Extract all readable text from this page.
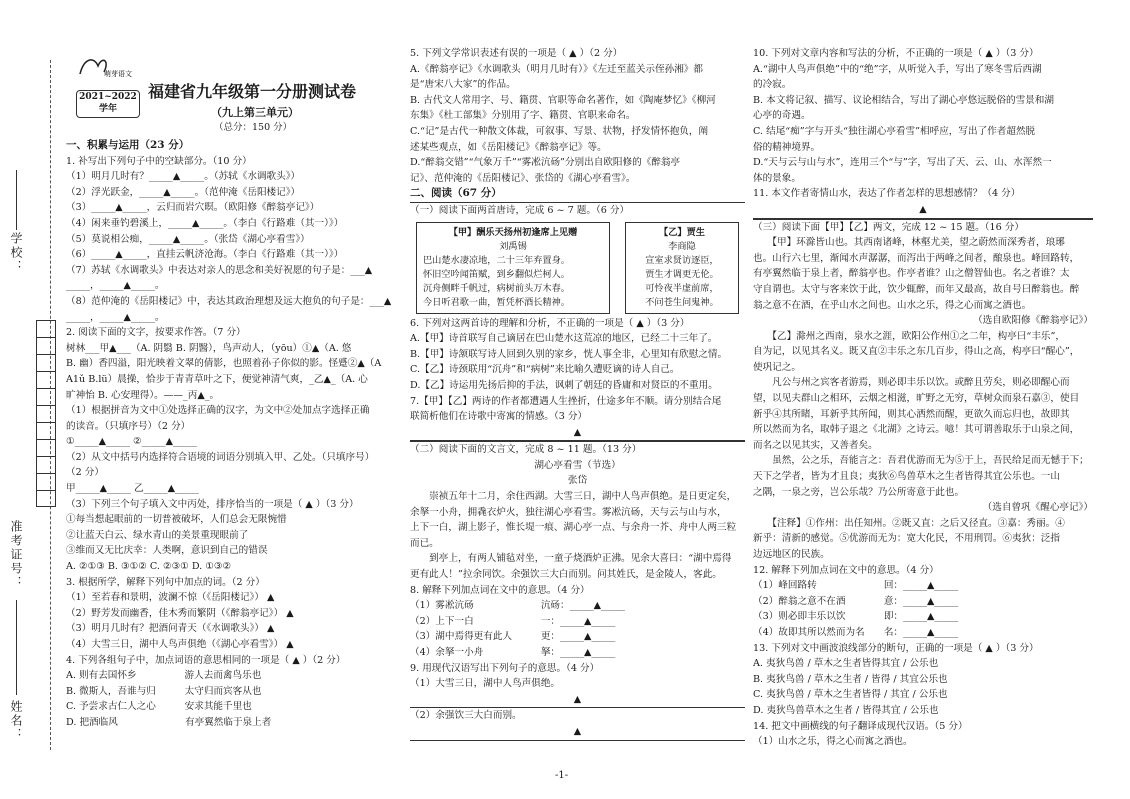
学校：
准考证号：
姓名：
萌芽语文
2021~2022
学年
福建省九年级第一分册测试卷
（九上第三单元）
（总分：150 分）

一、积累与运用（23 分）

1. 补写出下列句子中的空缺部分。（10 分）

（1）明月几时有？_____▲_____。（苏轼《水调歌头》）

（2）浮光跃金，_____▲_____。（范仲淹《岳阳楼记》）

（3）_____▲_____，云归而岩穴暝。（欧阳修《醉翁亭记》）

（4）闲来垂钓碧溪上，_____▲_____。（李白《行路难（其一）》）

（5）莫说相公痴，_____▲_____。（张岱《湖心亭看雪》）

（6）_____▲_____，直挂云帆济沧海。（李白《行路难（其一）》）

（7）苏轼《水调歌头》中表达对亲人的思念和美好祝愿的句子是：___▲

_____，_____▲_____。

（8）范仲淹的《岳阳楼记》中，表达其政治理想及远大抱负的句子是：___▲

_____，_____▲_____。

2. 阅读下面的文字，按要求作答。（7 分）

树林___甲▲___（A. 阴翳 B. 阴醫），鸟声动人，（yōu）①▲（A. 悠

B. 幽）香四溢，阳光映着文翠的倩影，也照着孙子你似的影。怪蹙②▲（A

A1ǔ B.lü）晨操，恰步于青青草叶之下，便觉神清气爽，_乙▲_（A. 心

旷神怡 B. 心安理得）。——_丙▲_。

（1）根据拼音为文中①处选择正确的汉字，为文中②处加点字选择正确

的读音。（只填序号）（2 分）

①_____▲_____ ②_____▲_____

（2）从文中括号内选择符合语境的词语分别填入甲、乙处。（只填序号）

（2 分）

甲_____▲_____ 乙_____▲_____

（3）下列三个句子填入文中丙处，排序恰当的一项是（ ▲ ）（3 分）

①每当想起眼前的一切普被破坏，人们总会无限惋惜

②让蓝天白云、绿水青山的美景重现眼前了

③维而又无比庆幸：人类啊，意识到自己的错误

A. ②①③ B. ③①② C. ②③① D. ①③②

3. 根据所学，解释下列句中加点的词。（2 分）

（1）至若春和景明，波澜不惊（《岳阳楼记》） ▲

（2）野芳发而幽香，佳木秀而繁阴（《醉翁亭记》） ▲

（3）明月几时有？把酒问青天（《水调歌头》） ▲

（4）大雪三日，湖中人鸟声俱绝（《湖心亭看雪》） ▲

4. 下列各组句子中，加点词语的意思相同的一项是（ ▲ ）（2 分）

A. 则有去国怀乡　　　　　游人去而禽鸟乐也

B. 微斯人，吾谁与归　　　太守归而宾客从也

C. 予尝求古仁人之心　　　安求其能千里也

D. 把酒临风　　　　　　　有亭翼然临于泉上者

5. 下列文学常识表述有误的一项是（ ▲ ）（2 分）

A.《醉翁亭记》《水调歌头（明月几时有）》《左迁至蓝关示侄孙湘》都

是“唐宋八大家”的作品。

B. 古代文人常用字、号、籍贯、官职等命名著作，如《陶庵梦忆》《柳河

东集》《杜工部集》分别用了字、籍贯、官职来命名。

C.“记”是古代一种散文体裁，可叙事、写景、状物，抒发情怀抱负，阐

述某些观点，如《岳阳楼记》《醉翁亭记》等。

D.“醉翁交错”“气象万千”“雾凇沆砀”分别出自欧阳修的《醉翁亭

记》、范仲淹的《岳阳楼记》、张岱的《湖心亭看雪》。

二、阅读（67 分）

（一）阅读下面两首唐诗，完成 6 ~ 7 题。（6 分）

【甲】酬乐天扬州初逢席上见赠
刘禹锡
巴山楚水凄凉地，二十三年弃置身。
怀旧空吟闻笛赋，到乡翻似烂柯人。
沉舟侧畔千帆过，病树前头万木春。
今日听君歌一曲，暂凭杯酒长精神。
【乙】贾生
李商隐
宣室求贤访逐臣，
贾生才调更无伦。
可怜夜半虚前席，
不问苍生问鬼神。

6. 下列对这两首诗的理解和分析，不正确的一项是（ ▲ ）（3 分）

A.【甲】诗首联写自己谪居在巴山楚水这荒凉的地区，已经二十三年了。

B.【甲】诗颔联写诗人回到久别的家乡，恍人事全非，心里知有欣慰之情。

C.【乙】诗颈联用“沉舟”和“病树”来比喻久遭贬谪的诗人自己。

D.【乙】诗运用先扬后抑的手法，讽刺了朝廷的昏庸和对贤臣的不重用。

7.【甲】【乙】两诗的作者都遭遇人生挫折，仕途多年不顺。请分别结合尾

联简析他们在诗歌中寄寓的情感。（3 分）

▲

（二）阅读下面的文言文，完成 8 ~ 11 题。（13 分）

湖心亭看雪（节选）

张岱

　　崇祯五年十二月，余住西湖。大雪三日，湖中人鸟声俱绝。是日更定矣，

余拏一小舟，拥毳衣炉火，独往湖心亭看雪。雾凇沆砀，天与云与山与水，

上下一白，湖上影子，惟长堤一痕、湖心亭一点、与余舟一芥、舟中人两三粒

而已。

　　到亭上，有两人铺毡对坐，一童子烧酒炉正沸。见余大喜曰：“湖中焉得

更有此人！”拉余同饮。余强饮三大白而别。问其姓氏，是金陵人，客此。

8. 解释下列加点词在文中的意思。（4 分）

（1）雾凇沆砀　　　　　　　沆砀：_____▲_____

（2）上下一白　　　　　　　一：_____▲_____

（3）湖中焉得更有此人　　　更：_____▲_____

（4）余拏一小舟　　　　　　拏：_____▲_____

9. 用现代汉语写出下列句子的意思。（4 分）

（1）大雪三日，湖中人鸟声俱绝。

▲

（2）余强饮三大白而别。

▲

10. 下列对文章内容和写法的分析，不正确的一项是（ ▲ ）（3 分）

A.“湖中人鸟声俱绝”中的“绝”字，从听觉入手，写出了寒冬雪后西湖

的冷寂。

B. 本文将记叙、描写、议论相结合，写出了湖心亭悠远脱俗的雪景和湖

心亭的奇遇。

C. 结尾“痴”字与开头“独往湖心亭看雪”相呼应，写出了作者超然脱

俗的精神境界。

D.“天与云与山与水”，连用三个“与”字，写出了天、云、山、水浑然一

体的景象。

11. 本文作者寄情山水，表达了作者怎样的思想感情？（4 分）

▲

（三）阅读下面【甲】【乙】两文，完成 12 ~ 15 题。（16 分）

　　【甲】环滁皆山也。其西南诸峰，林壑尤美，望之蔚然而深秀者，琅琊

也。山行六七里，渐闻水声潺潺，而泻出于两峰之间者，酿泉也。峰回路转，

有亭翼然临于泉上者，醉翁亭也。作亭者谁？山之僧智仙也。名之者谁？太

守自谓也。太守与客来饮于此，饮少辄醉，而年又最高，故自号曰醉翁也。醉

翁之意不在酒，在乎山水之间也。山水之乐，得之心而寓之酒也。

（选自欧阳修《醉翁亭记》）

　　【乙】滁州之西南，泉水之涯，欧阳公作州①之二年，构亭曰“丰乐”，

自为记，以见其名义。既又直②丰乐之东几百步，得山之高，构亭曰“醒心”，

使巩记之。

　　凡公与州之宾客者游焉，则必即丰乐以饮。或醉且劳矣，则必即醒心而

望，以见夫群山之相环，云烟之相滋，旷野之无穷，草树众而泉石嘉③，使目

新乎④其所睹，耳新乎其所闻，则其心洒然而醒，更欲久而忘归也，故即其

所以然而为名，取韩子退之《北湖》之诗云。噫！其可谓善取乐于山泉之间，

而名之以见其实，又善者矣。

　　虽然，公之乐，吾能言之：吾君优游而无为⑤于上，吾民给足而无憾于下；

天下之学者，皆为才且良；夷狄⑥鸟兽草木之生者皆得其宜公乐也。一山

之隅，一泉之旁，岂公乐哉？乃公所寄意于此也。

（选自曾巩《醒心亭记》）

　　【注释】①作州：出任知州。②既又直：之后又径直。③嘉：秀丽。④

新乎：清新的感觉。⑤优游而无为：宽大化民，不用刑罚。⑥夷狄：泛指

边远地区的民族。

12. 解释下列加点词在文中的意思。（4 分）

（1）峰回路转　　　　　　　回：_____▲_____

（2）醉翁之意不在酒　　　　意：_____▲_____

（3）则必即丰乐以饮　　　　即：_____▲_____

（4）故即其所以然而为名　　名：_____▲_____

13. 下列对文中画波浪线部分的断句，正确的一项是（ ▲ ）（3 分）

A. 夷狄鸟兽 / 草木之生者皆得其宜 / 公乐也

B. 夷狄鸟兽 / 草木之生者 / 皆得 / 其宜公乐也

C. 夷狄鸟兽 / 草木之生者皆得 / 其宜 / 公乐也

D. 夷狄鸟兽草木之生者 / 皆得其宜 / 公乐也

14. 把文中画横线的句子翻译成现代汉语。（5 分）

（1）山水之乐，得之心而寓之酒也。

-1-
